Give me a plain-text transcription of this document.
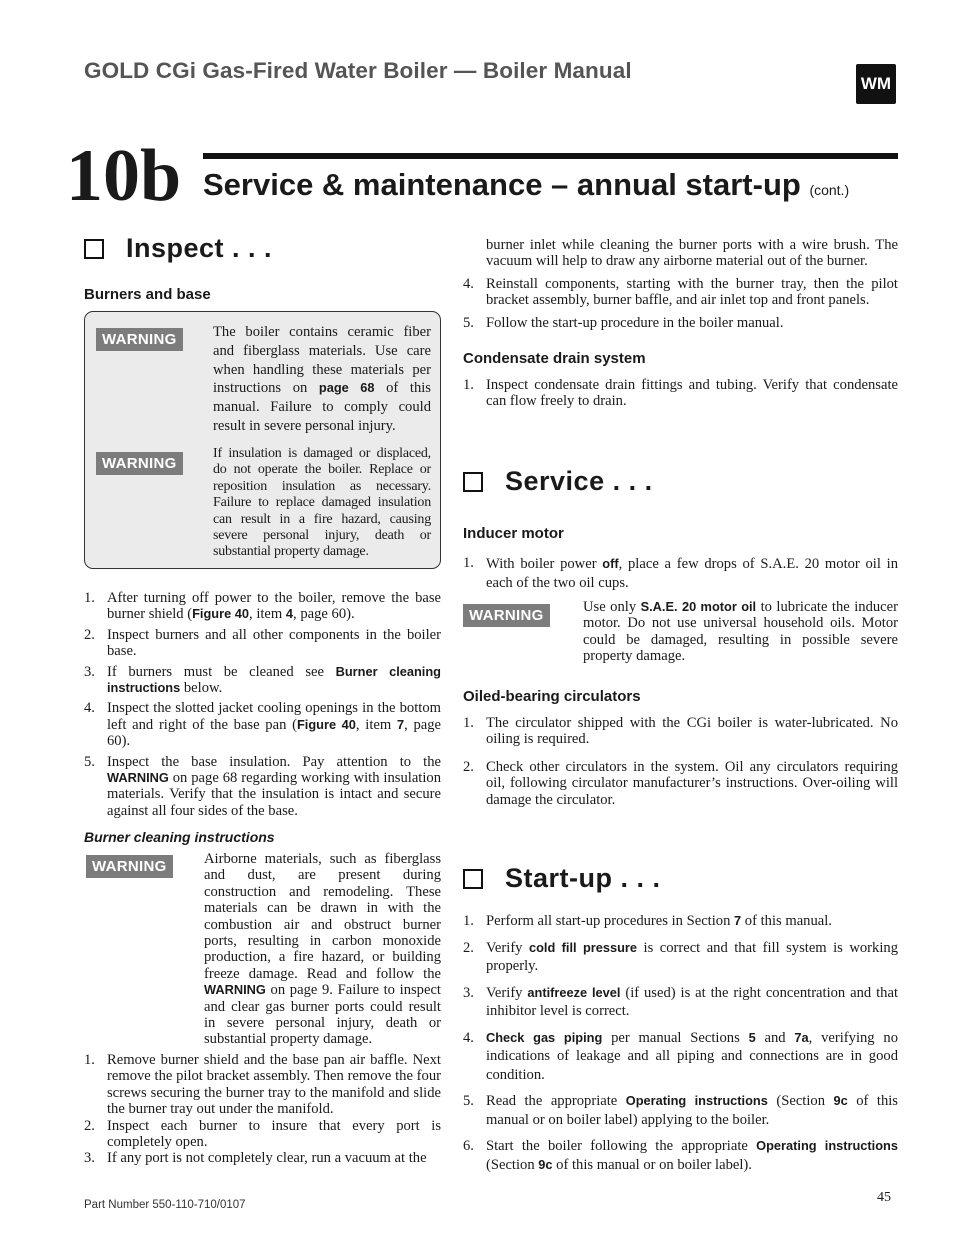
GOLD CGi Gas-Fired Water Boiler — Boiler Manual
WM
10b Service & maintenance – annual start-up (cont.)
Inspect . . .
Burners and base
WARNING	The boiler contains ceramic fiber and fiberglass materials. Use care when handling these materials per instructions on page 68 of this manual. Failure to comply could result in severe personal injury.
WARNING
If insulation is damaged or displaced, do not operate the boiler. Replace or reposition insulation as necessary. Failure to replace damaged insulation can result in a fire hazard, causing severe personal injury, death or substantial property damage.
1. After turning off power to the boiler, remove the base burner shield (Figure 40, item 4, page 60).
2. Inspect burners and all other components in the boiler base.
3. If burners must be cleaned see Burner cleaning instructions below.
4. Inspect the slotted jacket cooling openings in the bottom left and right of the base pan (Figure 40, item 7, page 60).
5. Inspect the base insulation. Pay attention to the WARNING on page 68 regarding working with insulation materials. Verify that the insulation is intact and secure against all four sides of the base.
Burner cleaning instructions
WARNING	Airborne materials, such as fiberglass and dust, are present during construction and remodeling. These materials can be drawn in with the combustion air and obstruct burner ports, resulting in carbon monoxide production, a fire hazard, or building freeze damage. Read and follow the WARNING on page 9. Failure to inspect and clear gas burner ports could result in severe personal injury, death or substantial property damage.
1. Remove burner shield and the base pan air baffle. Next remove the pilot bracket assembly. Then remove the four screws securing the burner tray to the manifold and slide the burner tray out under the manifold.
2. Inspect each burner to insure that every port is completely open.
3. If any port is not completely clear, run a vacuum at the
burner inlet while cleaning the burner ports with a wire brush. The vacuum will help to draw any airborne material out of the burner.
4. Reinstall components, starting with the burner tray, then the pilot bracket assembly, burner baffle, and air inlet top and front panels.
5. Follow the start-up procedure in the boiler manual.
Condensate drain system
1. Inspect condensate drain fittings and tubing. Verify that condensate can flow freely to drain.
Service . . .
Inducer motor
1. With boiler power off, place a few drops of S.A.E. 20 motor oil in each of the two oil cups.
WARNING	Use only S.A.E. 20 motor oil to lubricate the inducer motor. Do not use universal household oils. Motor could be damaged, resulting in possible severe property damage.
Oiled-bearing circulators
1. The circulator shipped with the CGi boiler is water-lubricated. No oiling is required.
2. Check other circulators in the system. Oil any circulators requiring oil, following circulator manufacturer’s instructions. Over-oiling will damage the circulator.
Start-up . . .
1. Perform all start-up procedures in Section 7 of this manual.
2. Verify cold fill pressure is correct and that fill system is working properly.
3. Verify antifreeze level (if used) is at the right concentration and that inhibitor level is correct.
4. Check gas piping per manual Sections 5 and 7a, verifying no indications of leakage and all piping and connections are in good condition.
5. Read the appropriate Operating instructions (Section 9c of this manual or on boiler label) applying to the boiler.
6. Start the boiler following the appropriate Operating instructions (Section 9c of this manual or on boiler label).
Part Number 550-110-710/0107	45
